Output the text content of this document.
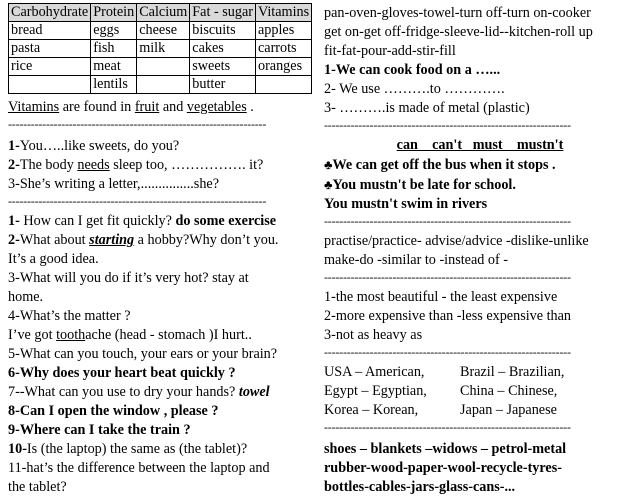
Carbohydrate	Protein	Calcium	Fat - sugar	Vitamins
bread	eggs	cheese	biscuits	apples
pasta	fish	milk	cakes	carrots
rice	meat		sweets	oranges
	lentils		butter	
Vitamins are found in fruit and vegetables .
--------------------------------------------------------------------
1-You…..like sweets, do you?
2-The body needs sleep too, ……………. it?
3-She’s writing a letter,...............she?
--------------------------------------------------------------------
1- How can I get fit quickly? do some exercise
2-What about starting a hobby?Why don’t you.
It’s a good idea.
3-What will you do if it’s very hot? stay at
home.
4-What’s the matter ?
I’ve got toothache (head - stomach )I hurt..
5-What can you touch, your ears or your brain?
6-Why does your heart beat quickly ?
7--What can you use to dry your hands? towel
8-Can I open the window , please ?
9-Where can I take the train ?
10-Is (the laptop) the same as (the tablet)?
11-hat’s the difference between the laptop and
the tablet?
pan-oven-gloves-towel-turn off-turn on-cooker
get on-get off-fridge-sleeve-lid--kitchen-roll up
fit-fat-pour-add-stir-fill
1-We can cook food on a …...
2- We use ……….to ………….
3- ……….is made of metal (plastic)
-----------------------------------------------------------------
can    can't   must    mustn't
♣We can get off the bus when it stops .
♣You mustn't be late for school.
You mustn't swim in rivers
-----------------------------------------------------------------
practise/practice- advise/advice -dislike-unlike
make-do -similar to -instead of -
-----------------------------------------------------------------
1-the most beautiful - the least expensive
2-more expensive than -less expensive than
3-not as heavy as
-----------------------------------------------------------------
USA – American,	Brazil – Brazilian,
Egypt – Egyptian,	China – Chinese,
Korea – Korean,	Japan – Japanese
-----------------------------------------------------------------
shoes – blankets –widows – petrol-metal
rubber-wood-paper-wool-recycle-tyres-
bottles-cables-jars-glass-cans-...
